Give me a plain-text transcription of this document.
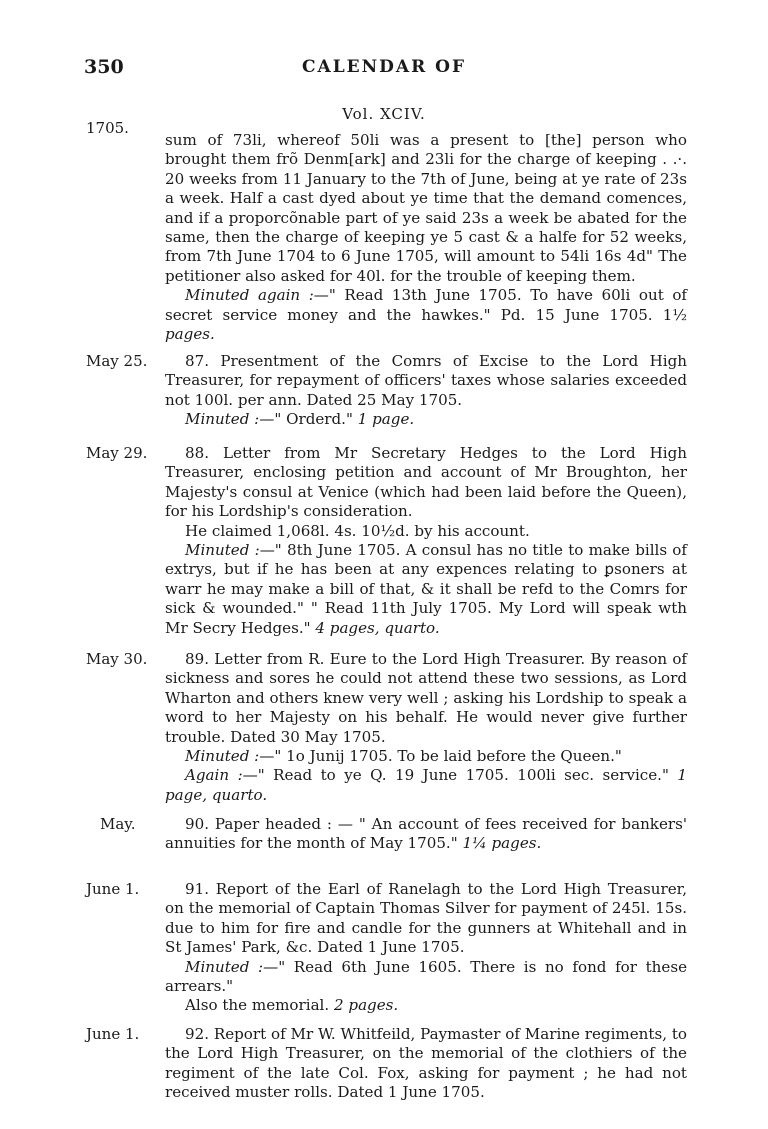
350	CALENDAR OF
Vol. XCIV.
1705.

sum of 73li, whereof 50li was a present to [the] person who brought them frõ Denm[ark] and 23li for the charge of keeping . .·. 20 weeks from 11 January to the 7th of June, being at ye rate of 23s a week. Half a cast dyed about ye time that the demand comences, and if a proporcõnable part of ye said 23s a week be abated for the same, then the charge of keeping ye 5 cast & a halfe for 52 weeks, from 7th June 1704 to 6 June 1705, will amount to 54li 16s 4d" The petitioner also asked for 40l. for the trouble of keeping them.

Minuted again :—" Read 13th June 1705. To have 60li out of secret service money and the hawkes." Pd. 15 June 1705. 1½ pages.

May 25.	87. Presentment of the Comrs of Excise to the Lord High Treasurer, for repayment of officers' taxes whose salaries exceeded not 100l. per ann. Dated 25 May 1705.

Minuted :—" Orderd." 1 page.

May 29.	88. Letter from Mr Secretary Hedges to the Lord High Treasurer, enclosing petition and account of Mr Broughton, her Majesty's consul at Venice (which had been laid before the Queen), for his Lordship's consideration.

He claimed 1,068l. 4s. 10½d. by his account.

Minuted :—" 8th June 1705. A consul has no title to make bills of extrys, but if he has been at any expences relating to ꝑsoners at warr he may make a bill of that, & it shall be refd to the Comrs for sick & wounded." " Read 11th July 1705. My Lord will speak wth Mr Secry Hedges." 4 pages, quarto.

May 30.	89. Letter from R. Eure to the Lord High Treasurer. By reason of sickness and sores he could not attend these two sessions, as Lord Wharton and others knew very well ; asking his Lordship to speak a word to her Majesty on his behalf. He would never give further trouble. Dated 30 May 1705.

Minuted :—" 1o Junij 1705. To be laid before the Queen."

Again :—" Read to ye Q. 19 June 1705. 100li sec. service." 1 page, quarto.

May.	90. Paper headed : — " An account of fees received for bankers' annuities for the month of May 1705." 1¼ pages.

June 1.	91. Report of the Earl of Ranelagh to the Lord High Treasurer, on the memorial of Captain Thomas Silver for payment of 245l. 15s. due to him for fire and candle for the gunners at Whitehall and in St James' Park, &c. Dated 1 June 1705.

Minuted :—" Read 6th June 1605. There is no fond for these arrears."

Also the memorial. 2 pages.

June 1.	92. Report of Mr W. Whitfeild, Paymaster of Marine regiments, to the Lord High Treasurer, on the memorial of the clothiers of the regiment of the late Col. Fox, asking for payment ; he had not received muster rolls. Dated 1 June 1705.
